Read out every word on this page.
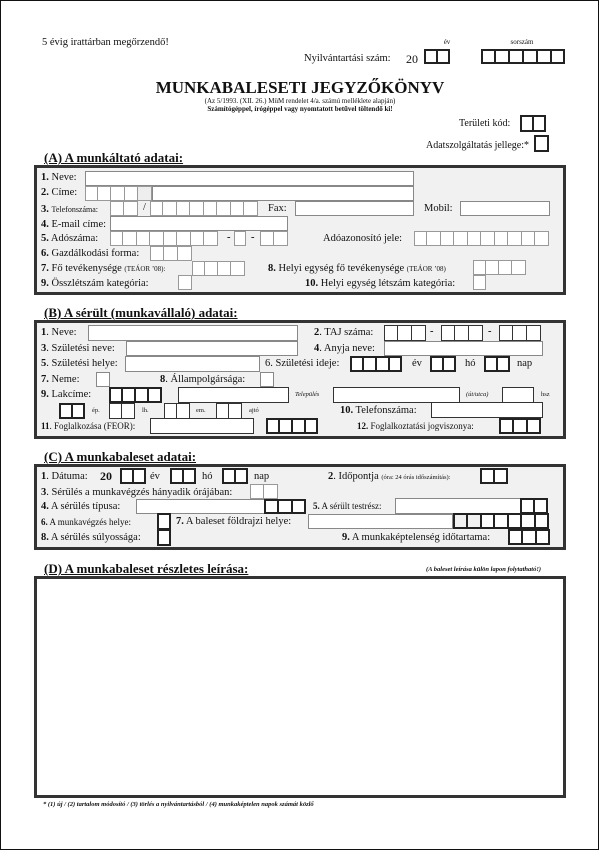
5 évig irattárban megőrzendő!
Nyilvántartási szám: 20
év	sorszám
MUNKABALESETI JEGYZŐKÖNYV
(Az 5/1993. (XII. 26.) MüM rendelet 4/a. számú melléklete alapján)
Számítógéppel, írógéppel vagy nyomtatott betűvel töltendő ki!
Területi kód:
Adatszolgáltatás jellege:*
(A) A munkáltató adatai:
1. Neve:
2. Címe:
3. Telefonszáma:	/	Fax:	Mobil:
4. E-mail címe:
5. Adószáma:	- -	Adóazonosító jele:
6. Gazdálkodási forma:
7. Fő tevékenysége (TEÁOR ’08):	8. Helyi egység fő tevékenysége (TEÁOR ’08)
9. Összlétszám kategória:	10. Helyi egység létszám kategória:
(B) A sérült (munkavállaló) adatai:
1. Neve:	2. TAJ száma:	-	-
3. Születési neve:	4. Anyja neve:
5. Születési helye:	6. Születési ideje:	év	hó	nap
7. Neme:	8. Állampolgársága:
9. Lakcíme:	Település	(út/utca)	hsz
ép.	lh.	em.	ajtó	10. Telefonszáma:
11. Foglalkozása (FEOR):	12. Foglalkoztatási jogviszonya:
(C) A munkabaleset adatai:
1. Dátuma: 20	év	hó	nap	2. Időpontja (óra: 24 órás időszámítás):
3. Sérülés a munkavégzés hányadik órájában:
4. A sérülés típusa:	5. A sérült testrész:
6. A munkavégzés helye:	7. A baleset földrajzi helye:
8. A sérülés súlyossága:	9. A munkaképtelenség időtartama:
(D) A munkabaleset részletes leírása:	(A baleset leírása külön lapon folytatható!)
* (1) új / (2) tartalom módosító / (3) törlés a nyilvántartásból / (4) munkaképtelen napok számát közlő
